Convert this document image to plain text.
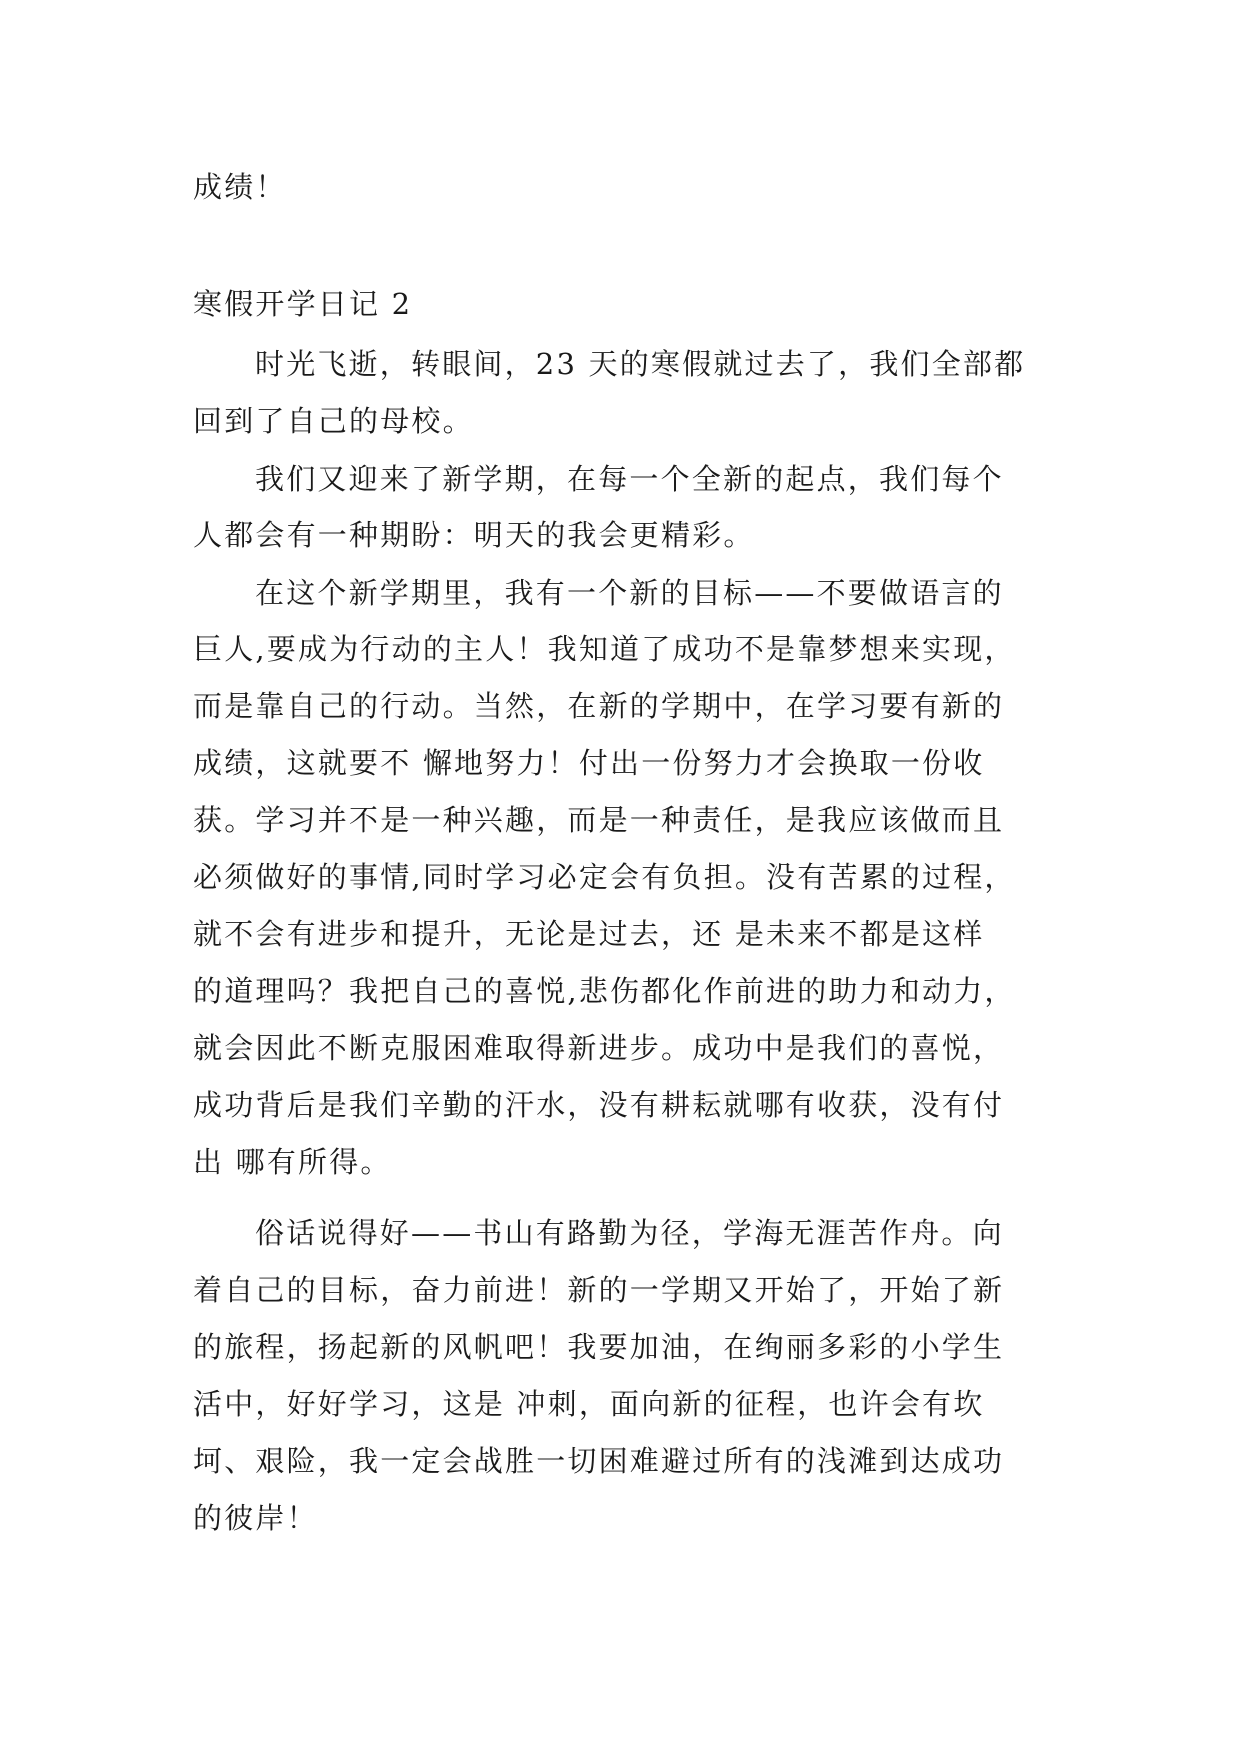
成绩！
寒假开学日记 2
时光飞逝，转眼间，23 天的寒假就过去了，我们全部都
回到了自己的母校。
我们又迎来了新学期，在每一个全新的起点，我们每个
人都会有一种期盼：明天的我会更精彩。
在这个新学期里，我有一个新的目标——不要做语言的
巨人,要成为行动的主人！我知道了成功不是靠梦想来实现，
而是靠自己的行动。当然，在新的学期中，在学习要有新的
成绩，这就要不 懈地努力！付出一份努力才会换取一份收
获。学习并不是一种兴趣，而是一种责任，是我应该做而且
必须做好的事情,同时学习必定会有负担。没有苦累的过程，
就不会有进步和提升，无论是过去，还 是未来不都是这样
的道理吗？我把自己的喜悦,悲伤都化作前进的助力和动力，
就会因此不断克服困难取得新进步。成功中是我们的喜悦，
成功背后是我们辛勤的汗水，没有耕耘就哪有收获，没有付
出 哪有所得。
俗话说得好——书山有路勤为径，学海无涯苦作舟。向
着自己的目标，奋力前进！新的一学期又开始了，开始了新
的旅程，扬起新的风帆吧！我要加油，在绚丽多彩的小学生
活中，好好学习，这是 冲刺，面向新的征程，也许会有坎
坷、艰险，我一定会战胜一切困难避过所有的浅滩到达成功
的彼岸！
